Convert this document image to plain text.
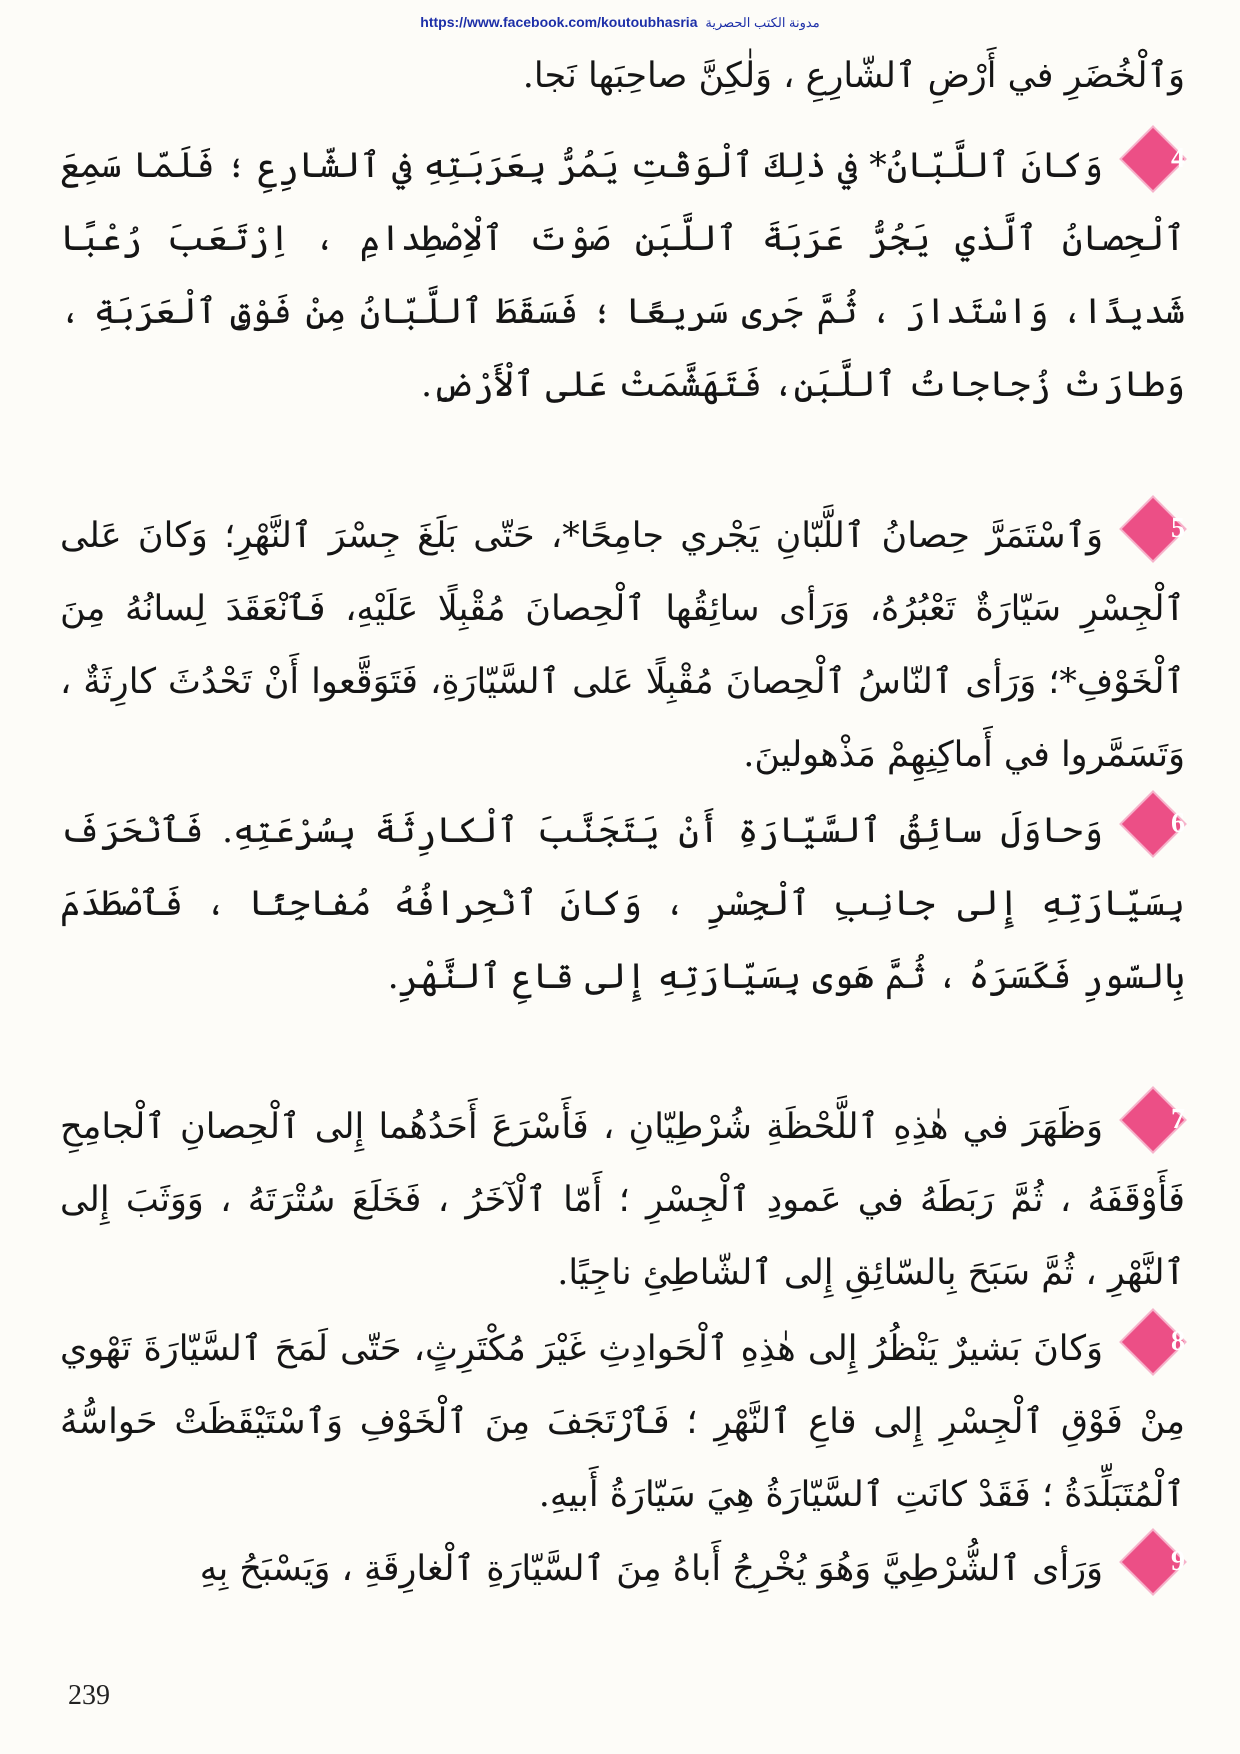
https://www.facebook.com/koutoubhasria مدونة الكتب الحصرية
وَٱلْخُضَرِ في أَرْضِ ٱلشّارِعِ ، وَلٰكِنَّ صاحِبَها نَجا.
4
وَكانَ ٱللَّبّانُ* في ذٰلِكَ ٱلْوَقْتِ يَمُرُّ بِعَرَبَتِهِ في ٱلشّارِعِ ؛ فَلَمّا سَمِعَ ٱلْحِصانُ ٱلَّذي يَجُرُّ عَرَبَةَ ٱللَّبَنِ صَوْتَ ٱلْاِصْطِدامِ ، اِرْتَعَبَ رُعْبًا شَديدًا، وَاسْتَدارَ ، ثُمَّ جَرى سَريعًا ؛ فَسَقَطَ ٱللَّبّانُ مِنْ فَوْقِ ٱلْعَرَبَةِ ، وَطارَتْ زُجاجاتُ ٱللَّبَنِ، فَتَهَشَّمَتْ عَلى ٱلْأَرْضِ.
5
وَٱسْتَمَرَّ حِصانُ ٱللَّبّانِ يَجْري جامِحًا*، حَتّى بَلَغَ جِسْرَ ٱلنَّهْرِ؛ وَكانَ عَلى ٱلْجِسْرِ سَيّارَةٌ تَعْبُرُهُ، وَرَأى سائِقُها ٱلْحِصانَ مُقْبِلًا عَلَيْهِ، فَٱنْعَقَدَ لِسانُهُ مِنَ ٱلْخَوْفِ*؛ وَرَأى ٱلنّاسُ ٱلْحِصانَ مُقْبِلًا عَلى ٱلسَّيّارَةِ، فَتَوَقَّعوا أَنْ تَحْدُثَ كارِثَةٌ ، وَتَسَمَّروا في أَماكِنِهِمْ مَذْهولينَ.
6
وَحاوَلَ سائِقُ ٱلسَّيّارَةِ أَنْ يَتَجَنَّبَ ٱلْكارِثَةَ بِسُرْعَتِهِ. فَٱنْحَرَفَ بِسَيّارَتِهِ إِلى جانِبِ ٱلْجِسْرِ ، وَكانَ ٱنْحِرافُهُ مُفاجِئًا ، فَٱصْطَدَمَ بِالسّورِ فَكَسَرَهُ ، ثُمَّ هَوى بِسَيّارَتِهِ إِلى قاعِ ٱلنَّهْرِ.
7
وَظَهَرَ في هٰذِهِ ٱللَّحْظَةِ شُرْطِيّانِ ، فَأَسْرَعَ أَحَدُهُما إِلى ٱلْحِصانِ ٱلْجامِحِ فَأَوْقَفَهُ ، ثُمَّ رَبَطَهُ في عَمودِ ٱلْجِسْرِ ؛ أَمّا ٱلْآخَرُ ، فَخَلَعَ سُتْرَتَهُ ، وَوَثَبَ إِلى ٱلنَّهْرِ ، ثُمَّ سَبَحَ بِالسّائِقِ إِلى ٱلشّاطِئِ ناجِيًا.
8
وَكانَ بَشيرٌ يَنْظُرُ إِلى هٰذِهِ ٱلْحَوادِثِ غَيْرَ مُكْتَرِثٍ، حَتّى لَمَحَ ٱلسَّيّارَةَ تَهْوي مِنْ فَوْقِ ٱلْجِسْرِ إِلى قاعِ ٱلنَّهْرِ ؛ فَٱرْتَجَفَ مِنَ ٱلْخَوْفِ وَٱسْتَيْقَظَتْ حَواسُّهُ ٱلْمُتَبَلِّدَةُ ؛ فَقَدْ كانَتِ ٱلسَّيّارَةُ هِيَ سَيّارَةُ أَبيهِ.
9
وَرَأى ٱلشُّرْطِيَّ وَهُوَ يُخْرِجُ أَباهُ مِنَ ٱلسَّيّارَةِ ٱلْغارِقَةِ ، وَيَسْبَحُ بِهِ
239
